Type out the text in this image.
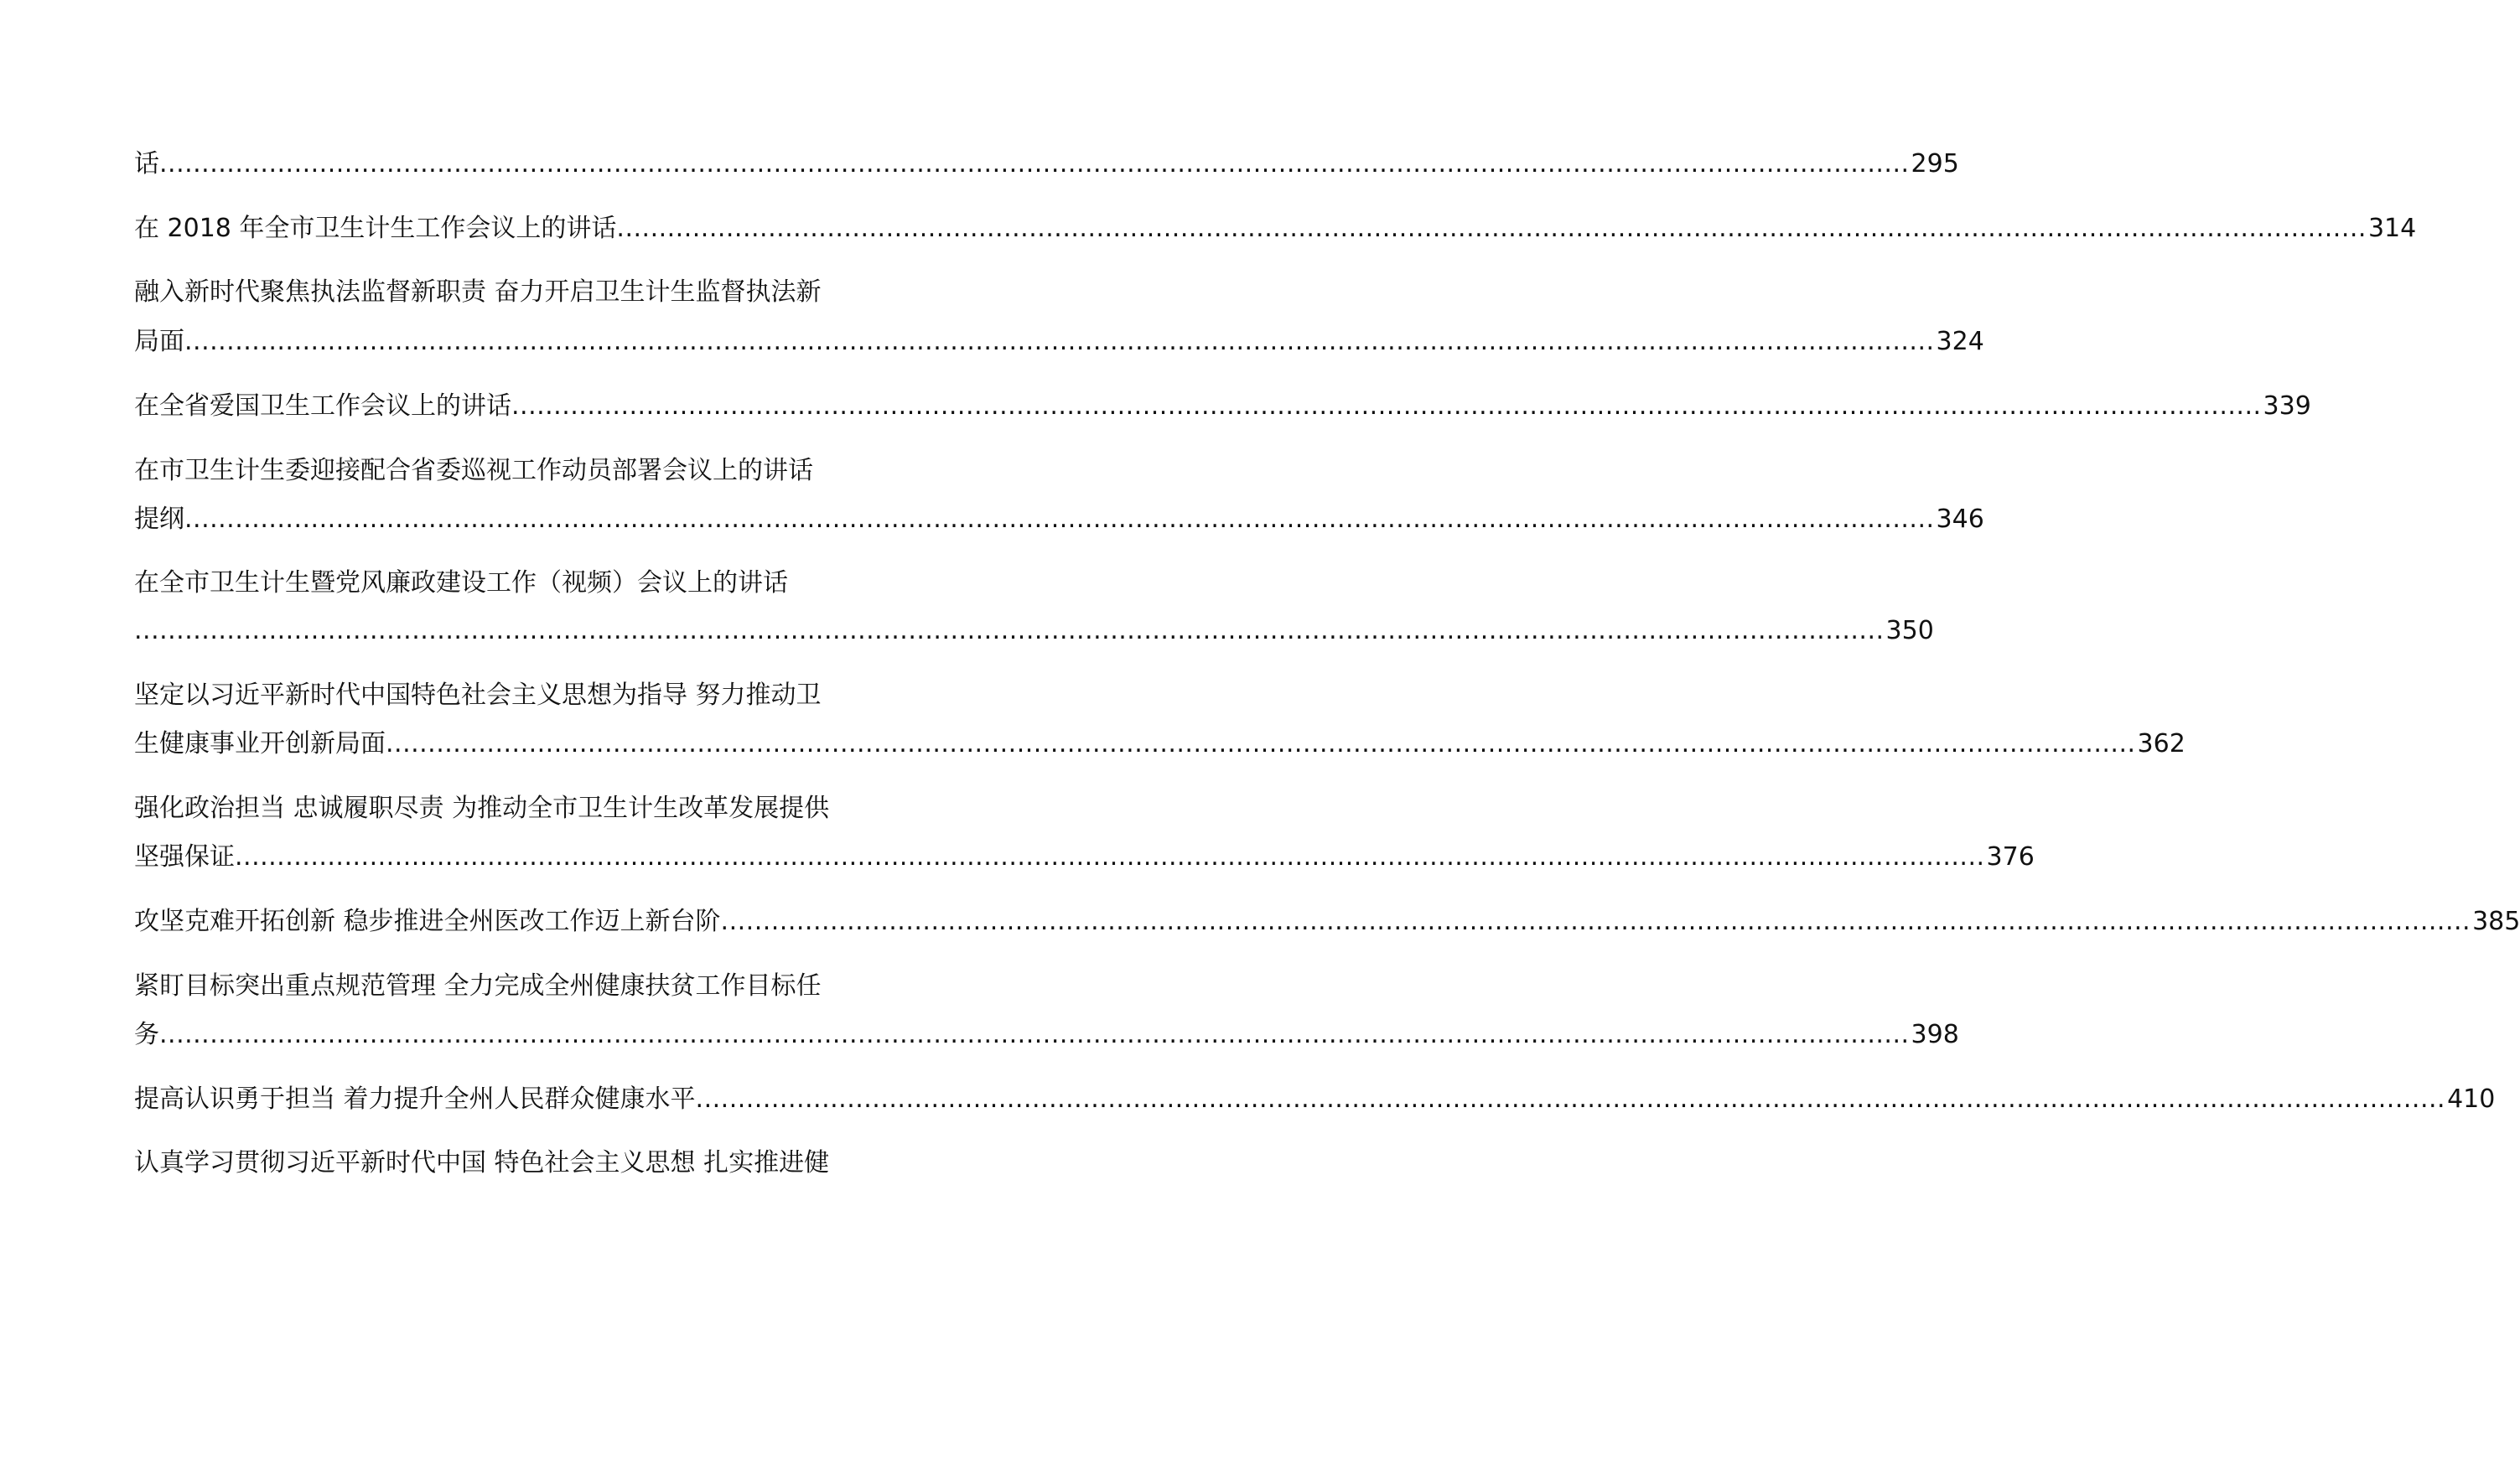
话 ................................................................................................................................................................................................................ 295
在 2018 年全市卫生计生工作会议上的讲话 ................................................................................................................................................................................................................ 314
融入新时代聚焦执法监督新职责 奋力开启卫生计生监督执法新
局面 ................................................................................................................................................................................................................ 324
在全省爱国卫生工作会议上的讲话 ................................................................................................................................................................................................................ 339
在市卫生计生委迎接配合省委巡视工作动员部署会议上的讲话
提纲 ................................................................................................................................................................................................................ 346
在全市卫生计生暨党风廉政建设工作（视频）会议上的讲话
................................................................................................................................................................................................................ 350
坚定以习近平新时代中国特色社会主义思想为指导 努力推动卫
生健康事业开创新局面 ................................................................................................................................................................................................................ 362
强化政治担当 忠诚履职尽责 为推动全市卫生计生改革发展提供
坚强保证 ................................................................................................................................................................................................................ 376
攻坚克难开拓创新 稳步推进全州医改工作迈上新台阶 ................................................................................................................................................................................................................ 385
紧盯目标突出重点规范管理 全力完成全州健康扶贫工作目标任
务 ................................................................................................................................................................................................................ 398
提高认识勇于担当 着力提升全州人民群众健康水平 ................................................................................................................................................................................................................ 410
认真学习贯彻习近平新时代中国 特色社会主义思想 扎实推进健
